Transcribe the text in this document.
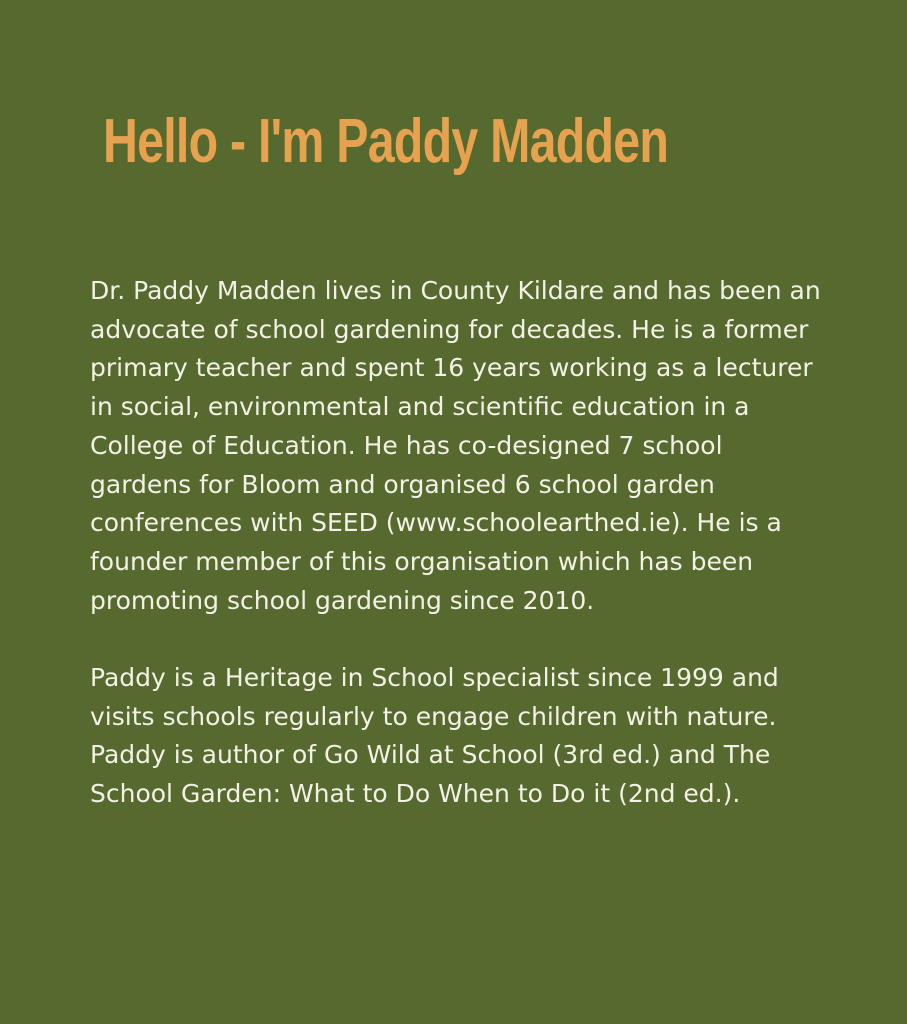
Hello - I'm Paddy Madden

Dr. Paddy Madden lives in County Kildare and has been an advocate of school gardening for decades. He is a former primary teacher and spent 16 years working as a lecturer in social, environmental and scientific education in a College of Education. He has co-designed 7 school gardens for Bloom and organised 6 school garden conferences with SEED (www.schoolearthed.ie). He is a founder member of this organisation which has been promoting school gardening since 2010.

Paddy is a Heritage in School specialist since 1999 and visits schools regularly to engage children with nature. Paddy is author of Go Wild at School (3rd ed.) and The School Garden: What to Do When to Do it (2nd ed.).
